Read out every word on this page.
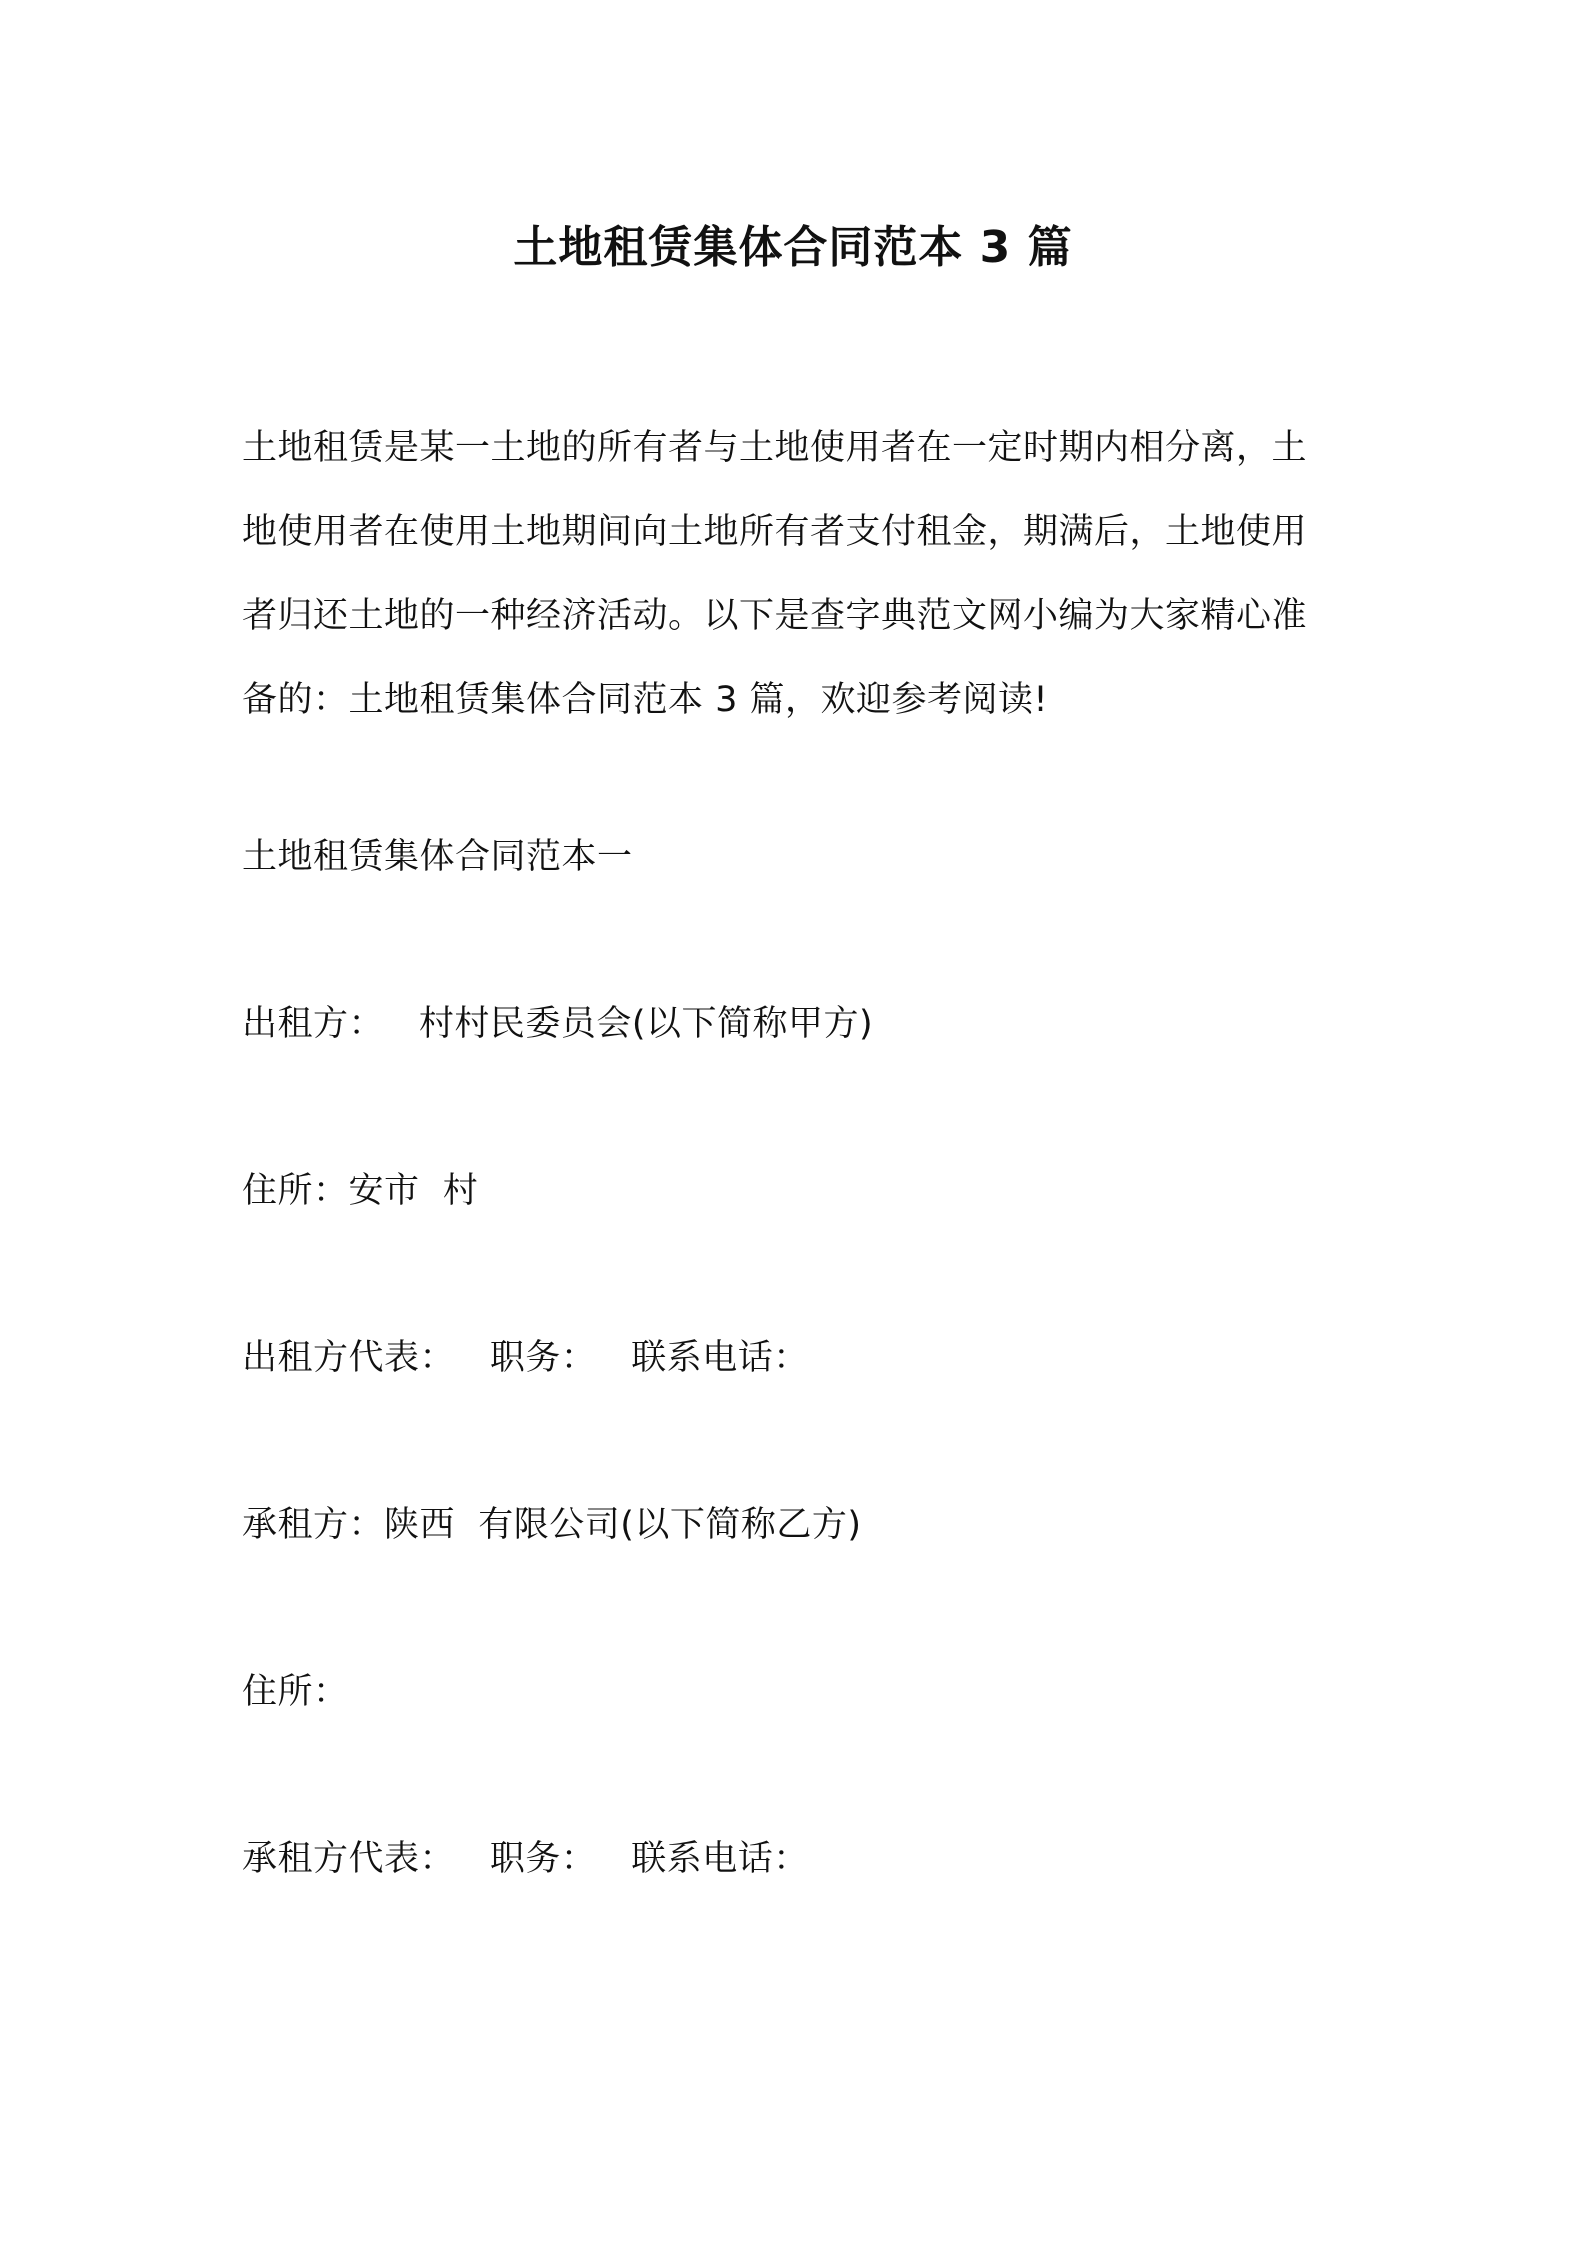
土地租赁集体合同范本 3 篇
土地租赁是某一土地的所有者与土地使用者在一定时期内相分离，土
地使用者在使用土地期间向土地所有者支付租金，期满后，土地使用
者归还土地的一种经济活动。以下是查字典范文网小编为大家精心准
备的：土地租赁集体合同范本 3 篇，欢迎参考阅读!
土地租赁集体合同范本一
出租方：   村村民委员会(以下简称甲方)
住所：安市  村
出租方代表：   职务：   联系电话：
承租方：陕西  有限公司(以下简称乙方)
住所：
承租方代表：   职务：   联系电话：
